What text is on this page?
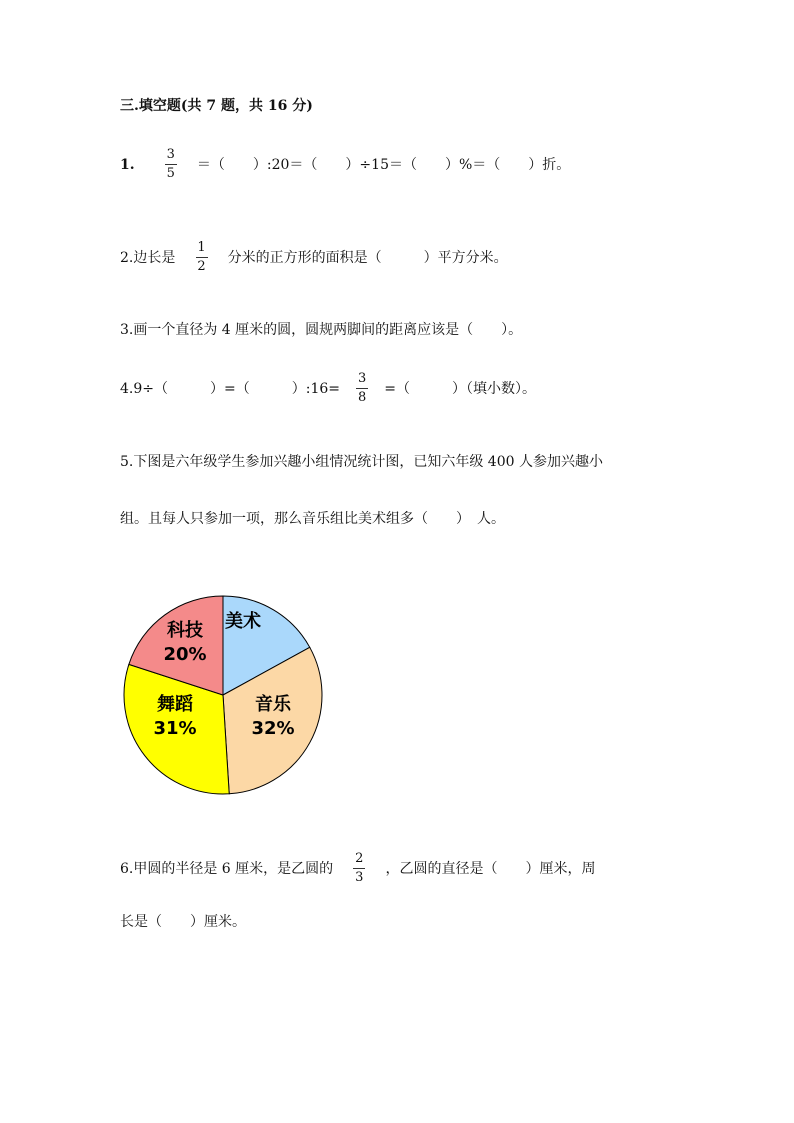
三.填空题(共 7 题，共 16 分)
1. $\frac{3}{5}$ ＝（　　）:20＝（　　）÷15＝（　　）%＝（　　）折。
2.边长是 $\frac{1}{2}$ 分米的正方形的面积是（　　　）平方分米。
3.画一个直径为 4 厘米的圆，圆规两脚间的距离应该是（　　）。
4.9÷（　　　）=（　　　）:16= $\frac{3}{8}$ =（　　　）（填小数）。
5.下图是六年级学生参加兴趣小组情况统计图，已知六年级 400 人参加兴趣小
组。且每人只参加一项，那么音乐组比美术组多（　　）　人。
美术
科技
20%
舞蹈
31%
音乐
32%
6.甲圆的半径是 6 厘米，是乙圆的 $\frac{2}{3}$ ，乙圆的直径是（　　）厘米，周
长是（　　）厘米。
